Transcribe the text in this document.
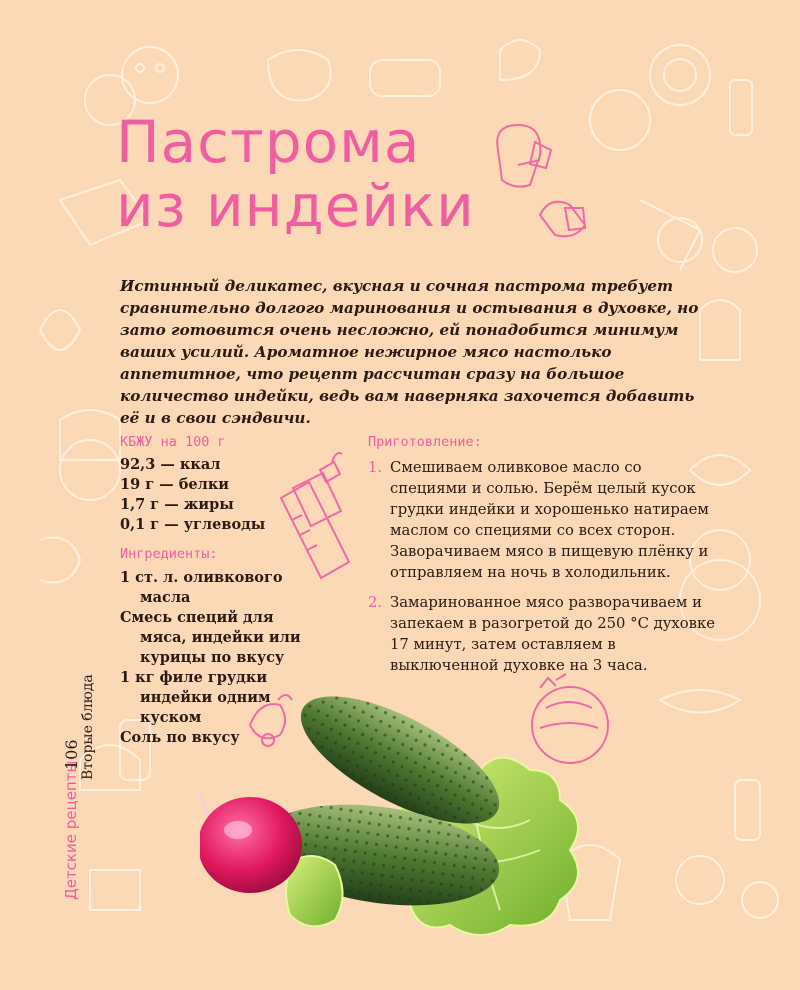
Пастрома
из индейки

Истинный деликатес, вкусная и сочная пастрома требует сравнительно долгого маринования и остывания в духовке, но зато готовится очень несложно, ей понадобится минимум ваших усилий. Ароматное нежирное мясо настолько аппетитное, что рецепт рассчитан сразу на большое количество индейки, ведь вам наверняка захочется добавить её и в свои сэндвичи.

КБЖУ на 100 г
92,3 — ккал
19 г — белки
1,7 г — жиры
0,1 г — углеводы
Ингредиенты:
1 ст. л. оливкового масла
Смесь специй для мяса, индейки или курицы по вкусу
1 кг филе грудки индейки одним куском
Соль по вкусу
Приготовление:
1. Смешиваем оливковое масло со специями и солью. Берём целый кусок грудки индейки и хорошенько натираем маслом со специями со всех сторон. Заворачиваем мясо в пищевую плёнку и отправляем на ночь в холодильник.
2. Замаринованное мясо разворачиваем и запекаем в разогретой до 250 °С духовке 17 минут, затем оставляем в выключенной духовке на 3 часа.
Детские рецепты
Вторые блюда
106
